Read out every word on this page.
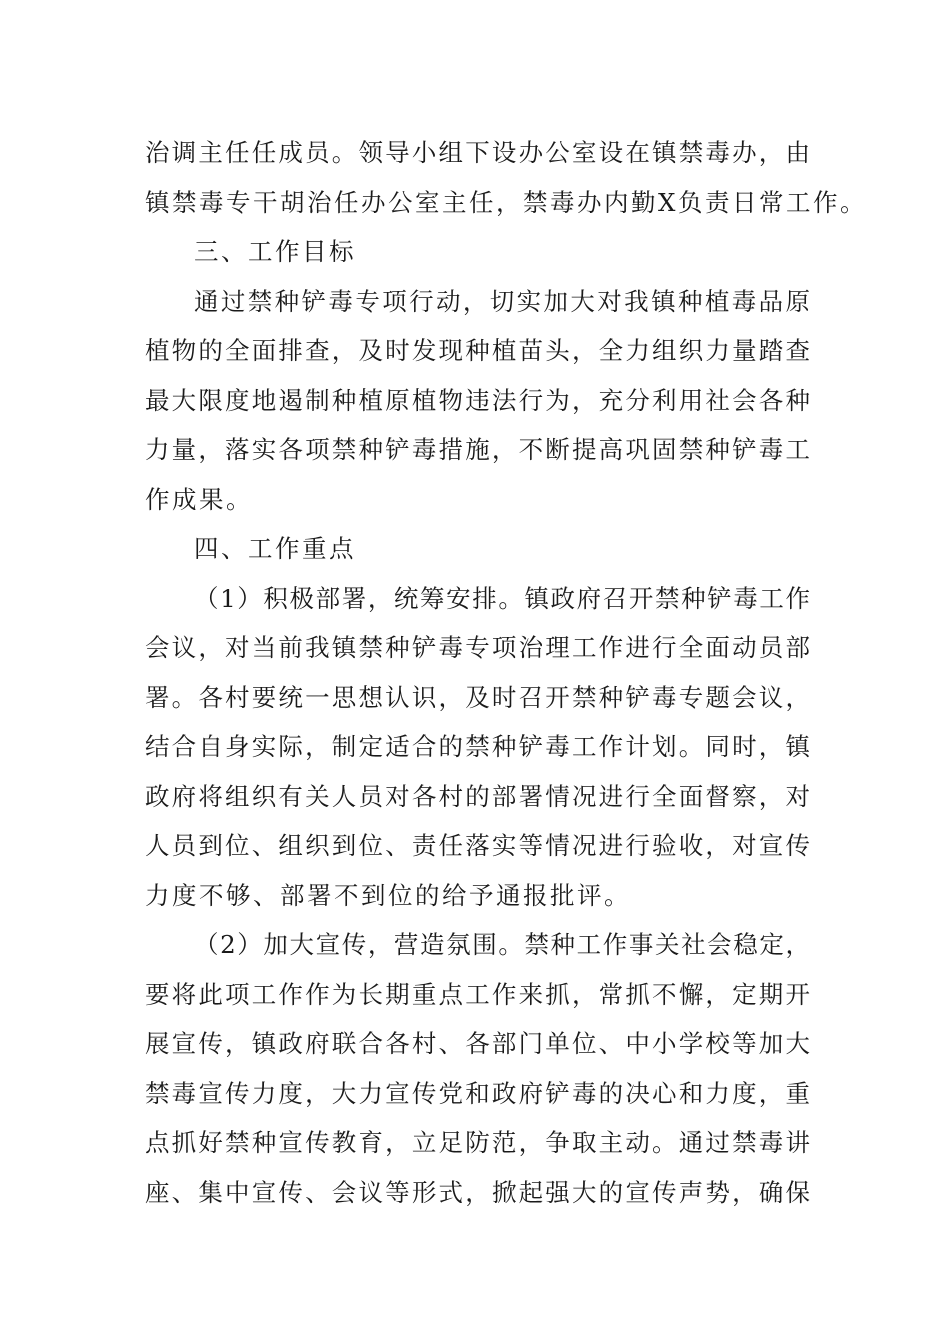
治调主任任成员。领导小组下设办公室设在镇禁毒办，由
镇禁毒专干胡治任办公室主任，禁毒办内勤X负责日常工作。
三、工作目标
通过禁种铲毒专项行动，切实加大对我镇种植毒品原
植物的全面排查，及时发现种植苗头，全力组织力量踏查
最大限度地遏制种植原植物违法行为，充分利用社会各种
力量，落实各项禁种铲毒措施，不断提高巩固禁种铲毒工
作成果。
四、工作重点
（1）积极部署，统筹安排。镇政府召开禁种铲毒工作
会议，对当前我镇禁种铲毒专项治理工作进行全面动员部
署。各村要统一思想认识，及时召开禁种铲毒专题会议，
结合自身实际，制定适合的禁种铲毒工作计划。同时，镇
政府将组织有关人员对各村的部署情况进行全面督察，对
人员到位、组织到位、责任落实等情况进行验收，对宣传
力度不够、部署不到位的给予通报批评。
（2）加大宣传，营造氛围。禁种工作事关社会稳定，
要将此项工作作为长期重点工作来抓，常抓不懈，定期开
展宣传，镇政府联合各村、各部门单位、中小学校等加大
禁毒宣传力度，大力宣传党和政府铲毒的决心和力度，重
点抓好禁种宣传教育，立足防范，争取主动。通过禁毒讲
座、集中宣传、会议等形式，掀起强大的宣传声势，确保
